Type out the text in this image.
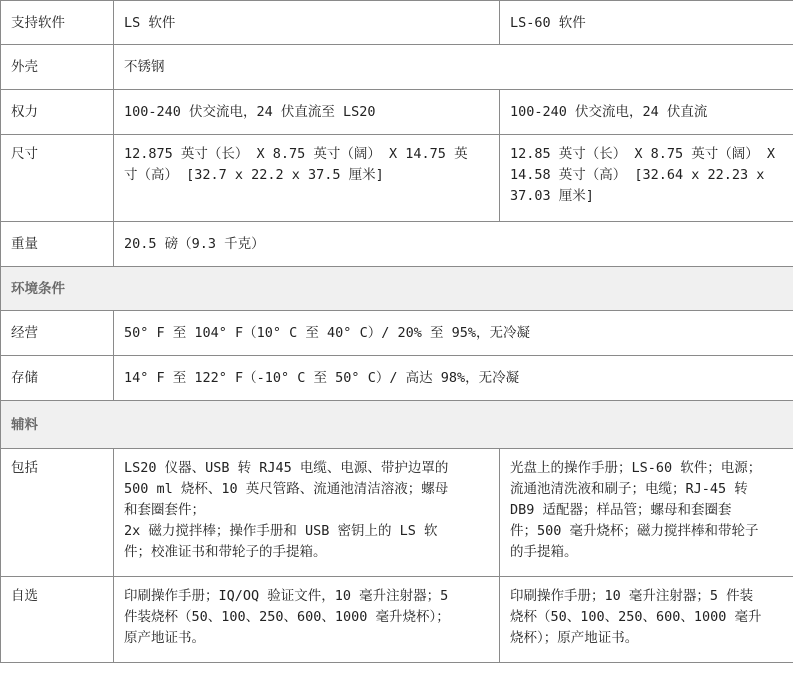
支持软件	LS 软件	LS-60 软件
外壳	不锈钢	
权力	100-240 伏交流电，24 伏直流至 LS20	100-240 伏交流电，24 伏直流
尺寸	12.875 英寸（长） X 8.75 英寸（阔） X 14.75 英
寸（高） [32.7 x 22.2 x 37.5 厘米]	12.85 英寸（长） X 8.75 英寸（阔） X
14.58 英寸（高） [32.64 x 22.23 x
37.03 厘米]

重量	20.5 磅（9.3 千克）	
环境条件		
经营	50° F 至 104° F（10° C 至 40° C）/ 20% 至 95%，无冷凝	
存储	14° F 至 122° F（-10° C 至 50° C）/ 高达 98%，无冷凝	
辅料		
包括	LS20 仪器、USB 转 RJ45 电缆、电源、带护边罩的
500 ml 烧杯、10 英尺管路、流通池清洁溶液；螺母
和套圈套件；
2x 磁力搅拌棒；操作手册和 USB 密钥上的 LS 软
件；校准证书和带轮子的手提箱。	光盘上的操作手册；LS-60 软件；电源；
流通池清洗液和刷子；电缆；RJ-45 转
DB9 适配器；样品管；螺母和套圈套
件；500 毫升烧杯；磁力搅拌棒和带轮子
的手提箱。

自选	印刷操作手册；IQ/OQ 验证文件，10 毫升注射器；5
件装烧杯（50、100、250、600、1000 毫升烧杯）；
原产地证书。	印刷操作手册；10 毫升注射器；5 件装
烧杯（50、100、250、600、1000 毫升
烧杯）；原产地证书。
